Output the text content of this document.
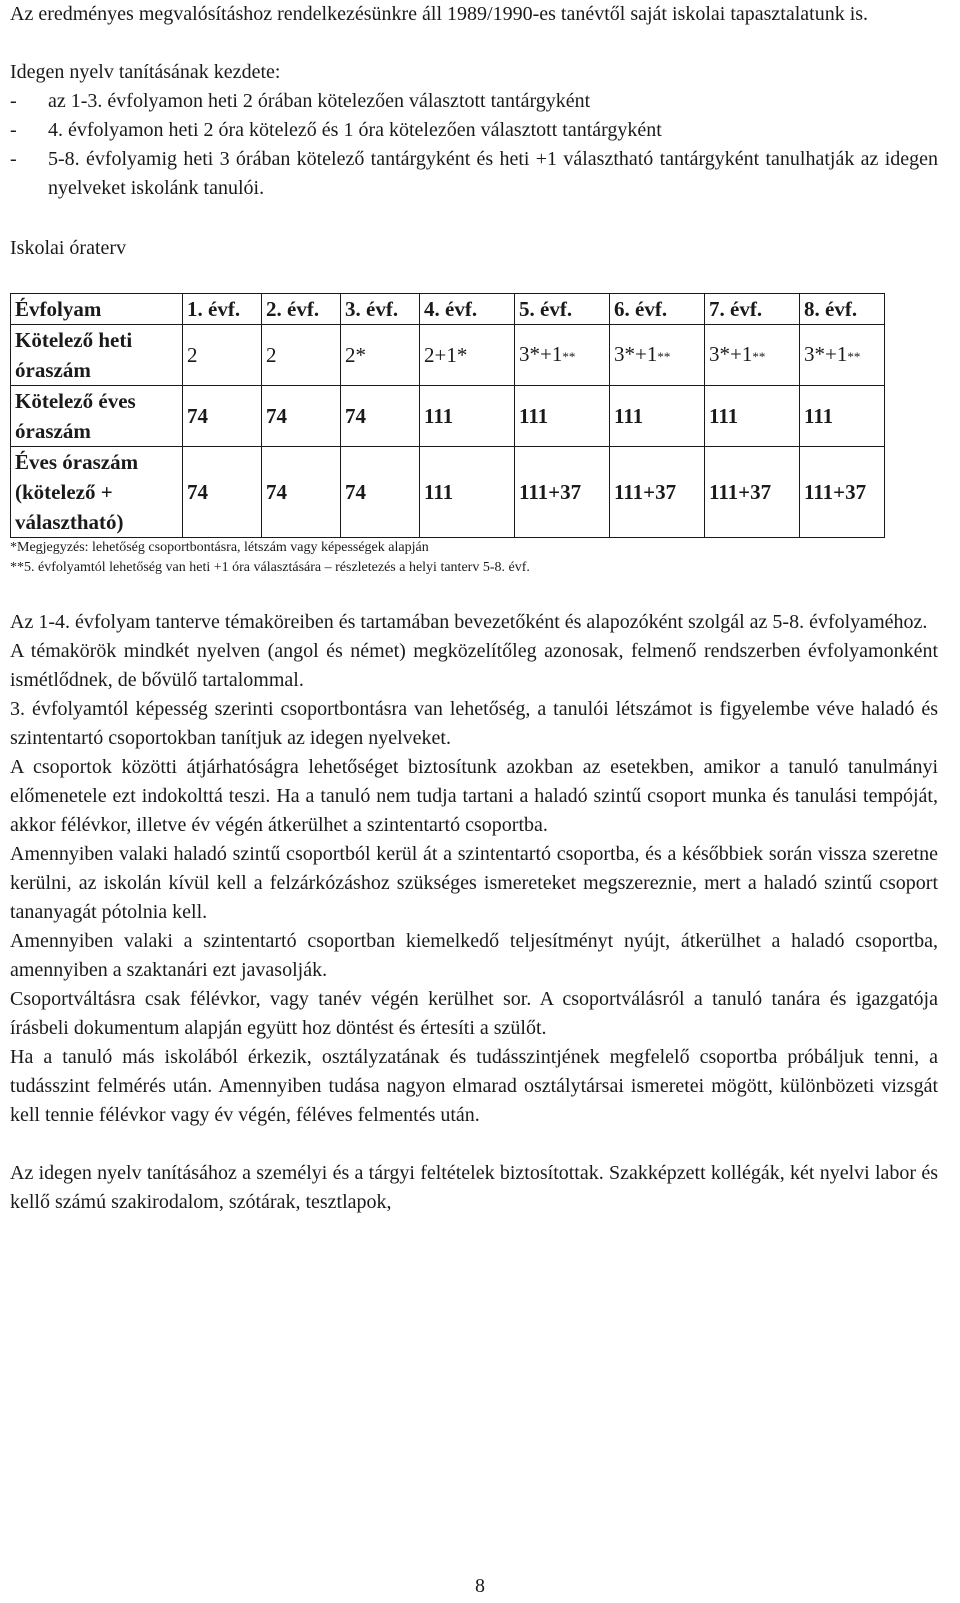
Az eredményes megvalósításhoz rendelkezésünkre áll 1989/1990-es tanévtől saját iskolai tapasztalatunk is.

Idegen nyelv tanításának kezdete:

-	az 1-3. évfolyamon heti 2 órában kötelezően választott tantárgyként
-	4. évfolyamon heti 2 óra kötelező és 1 óra kötelezően választott tantárgyként
-	5-8. évfolyamig heti 3 órában kötelező tantárgyként és heti +1 választható tantárgyként tanulhatják az idegen nyelveket iskolánk tanulói.

Iskolai óraterv

Évfolyam	1. évf.	2. évf.	3. évf.	4. évf.	5. évf.	6. évf.	7. évf.	8. évf.
Kötelező heti óraszám	2	2	2*	2+1*	3*+1**	3*+1**	3*+1**	3*+1**
Kötelező éves óraszám	74	74	74	111	111	111	111	111
Éves óraszám (kötelező + választható)	74	74	74	111	111+37	111+37	111+37	111+37

*Megjegyzés: lehetőség csoportbontásra, létszám vagy képességek alapján

**5. évfolyamtól lehetőség van heti +1 óra választására – részletezés a helyi tanterv 5-8. évf.

Az 1-4. évfolyam tanterve témaköreiben és tartamában bevezetőként és alapozóként szolgál az 5-8. évfolyaméhoz.

A témakörök mindkét nyelven (angol és német) megközelítőleg azonosak, felmenő rendszerben évfolyamonként ismétlődnek, de bővülő tartalommal.

3. évfolyamtól képesség szerinti csoportbontásra van lehetőség, a tanulói létszámot is figyelembe véve haladó és szintentartó csoportokban tanítjuk az idegen nyelveket.

A csoportok közötti átjárhatóságra lehetőséget biztosítunk azokban az esetekben, amikor a tanuló tanulmányi előmenetele ezt indokolttá teszi. Ha a tanuló nem tudja tartani a haladó szintű csoport munka és tanulási tempóját, akkor félévkor, illetve év végén átkerülhet a szintentartó csoportba.

Amennyiben valaki haladó szintű csoportból kerül át a szintentartó csoportba, és a későbbiek során vissza szeretne kerülni, az iskolán kívül kell a felzárkózáshoz szükséges ismereteket megszereznie, mert a haladó szintű csoport tananyagát pótolnia kell.

Amennyiben valaki a szintentartó csoportban kiemelkedő teljesítményt nyújt, átkerülhet a haladó csoportba, amennyiben a szaktanári ezt javasolják.

Csoportváltásra csak félévkor, vagy tanév végén kerülhet sor. A csoportválásról a tanuló tanára és igazgatója írásbeli dokumentum alapján együtt hoz döntést és értesíti a szülőt.

Ha a tanuló más iskolából érkezik, osztályzatának és tudásszintjének megfelelő csoportba próbáljuk tenni, a tudásszint felmérés után. Amennyiben tudása nagyon elmarad osztálytársai ismeretei mögött, különbözeti vizsgát kell tennie félévkor vagy év végén, féléves felmentés után.

Az idegen nyelv tanításához a személyi és a tárgyi feltételek biztosítottak. Szakképzett kollégák, két nyelvi labor és kellő számú szakirodalom, szótárak, tesztlapok,

8
